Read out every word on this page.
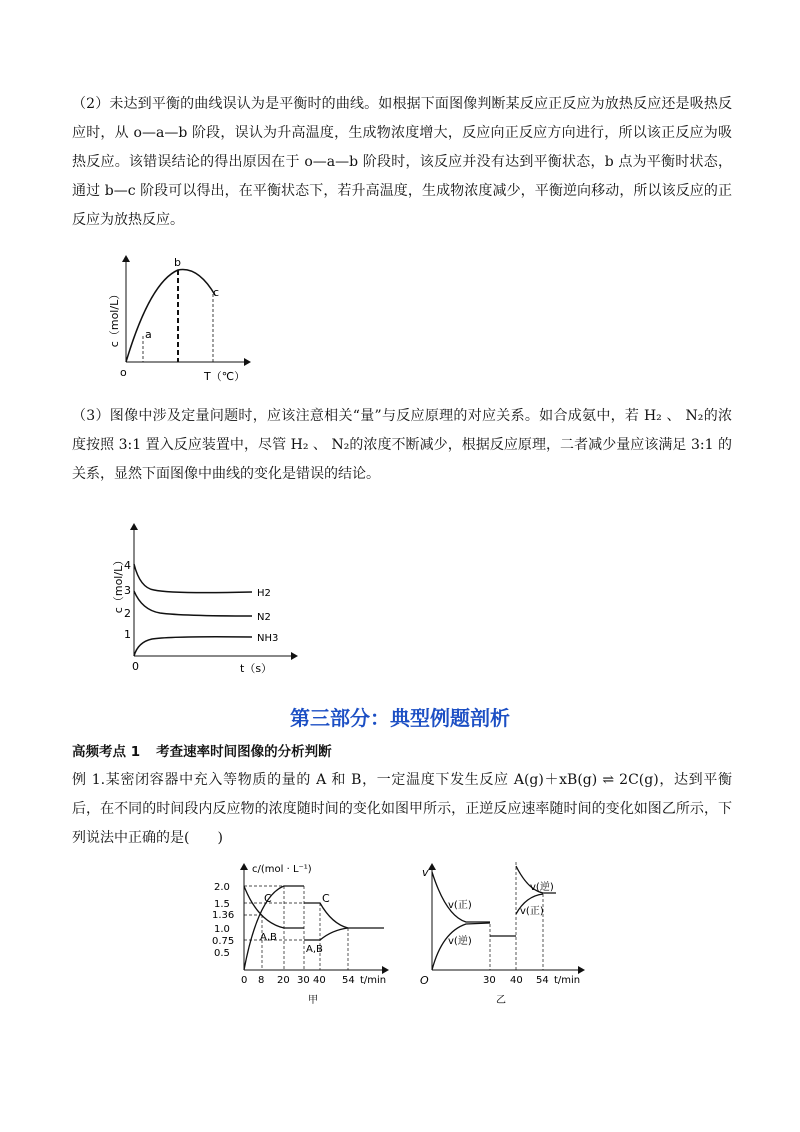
（2）未达到平衡的曲线误认为是平衡时的曲线。如根据下面图像判断某反应正反应为放热反应还是吸热反应时，从 o—a—b 阶段，误认为升高温度，生成物浓度增大，反应向正反应方向进行，所以该正反应为吸热反应。该错误结论的得出原因在于 o—a—b 阶段时，该反应并没有达到平衡状态，b 点为平衡时状态，通过 b—c 阶段可以得出，在平衡状态下，若升高温度，生成物浓度减少，平衡逆向移动，所以该反应的正反应为放热反应。
c（mol/L） a
b
c
o	T（℃）
（3）图像中涉及定量问题时，应该注意相关“量”与反应原理的对应关系。如合成氨中，若 H₂ 、 N₂的浓度按照 3:1 置入反应装置中，尽管 H₂ 、 N₂的浓度不断减少，根据反应原理，二者减少量应该满足 3:1 的关系，显然下面图像中曲线的变化是错误的结论。
c（mol/L） 4
3
2
1
H2
N2
NH3
0	t（s）
第三部分：典型例题剖析
高频考点 1 考查速率时间图像的分析判断
例 1.某密闭容器中充入等物质的量的 A 和 B，一定温度下发生反应 A(g)＋xB(g) ⇌ 2C(g)，达到平衡后，在不同的时间段内反应物的浓度随时间的变化如图甲所示，正逆反应速率随时间的变化如图乙所示，下列说法中正确的是(　　)
c/(mol · L⁻¹)
2.0
1.5
1.36
1.0
0.75
0.5
C
A,B
C
A,B
0 8 20 30 40 54 t/min
甲
v
O
v(正)
v(逆)
v(逆)
v(正)
30 40 54 t/min
乙
